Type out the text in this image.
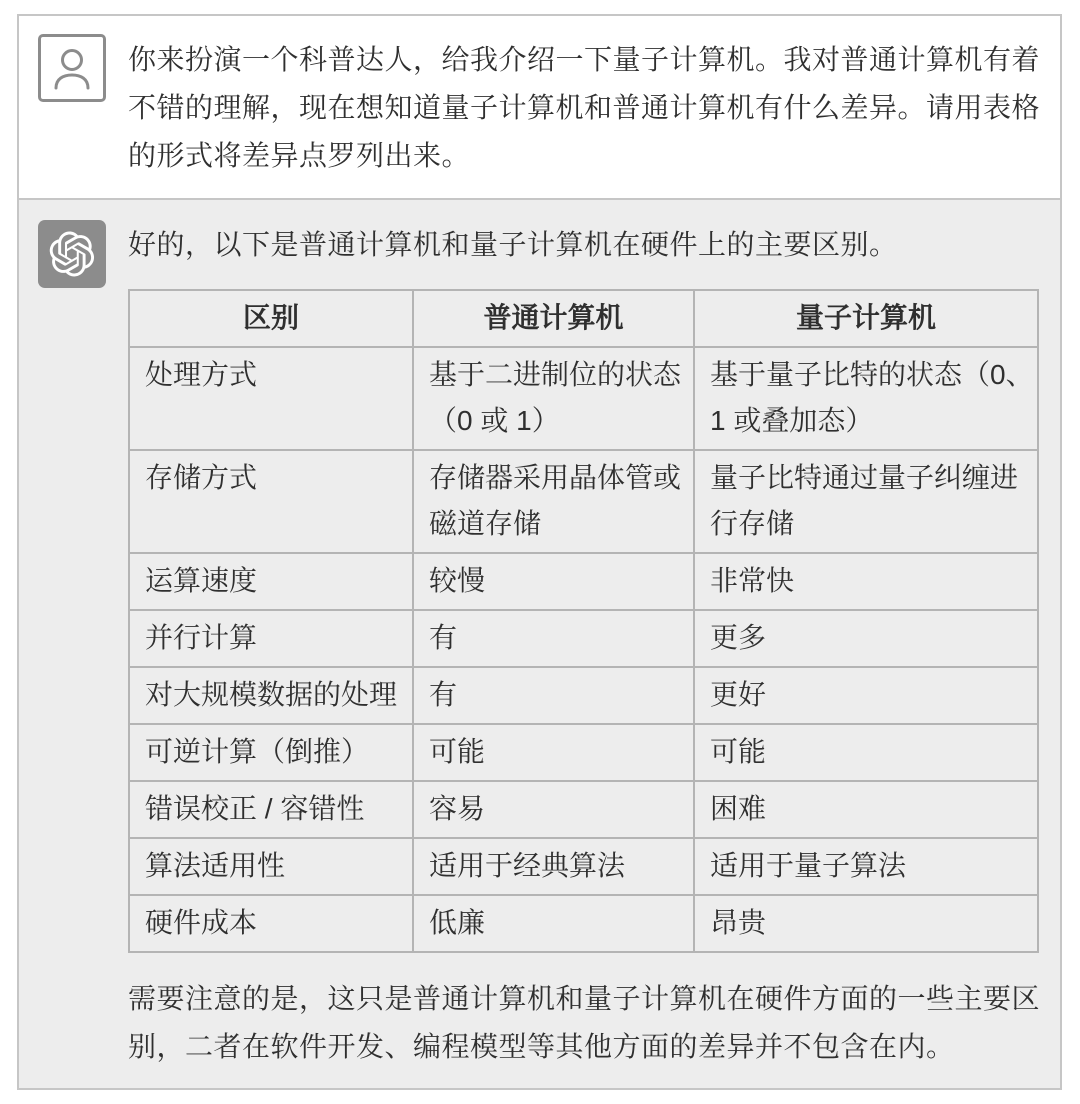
你来扮演一个科普达人，给我介绍一下量子计算机。我对普通计算机有着不错的理解，现在想知道量子计算机和普通计算机有什么差异。请用表格的形式将差异点罗列出来。

好的，以下是普通计算机和量子计算机在硬件上的主要区别。

区别	普通计算机	量子计算机
处理方式	基于二进制位的状态（0 或 1）	基于量子比特的状态（0、1 或叠加态）
存储方式	存储器采用晶体管或磁道存储	量子比特通过量子纠缠进行存储
运算速度	较慢	非常快
并行计算	有	更多
对大规模数据的处理	有	更好
可逆计算（倒推）	可能	可能
错误校正 / 容错性	容易	困难
算法适用性	适用于经典算法	适用于量子算法
硬件成本	低廉	昂贵

需要注意的是，这只是普通计算机和量子计算机在硬件方面的一些主要区别，二者在软件开发、编程模型等其他方面的差异并不包含在内。
